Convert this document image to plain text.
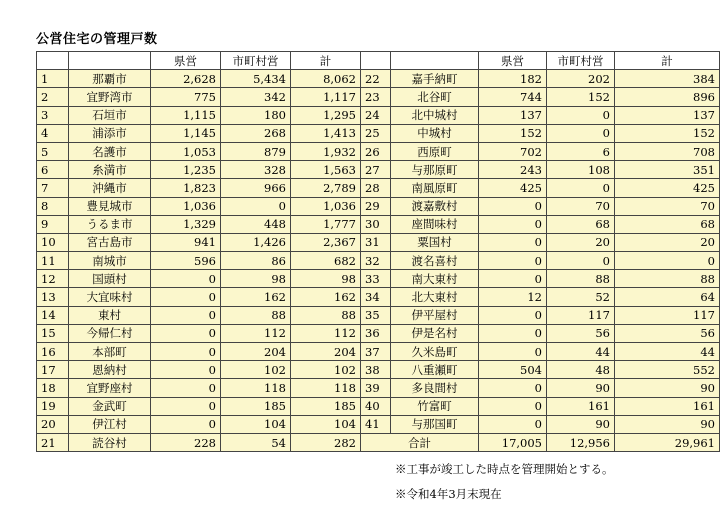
公営住宅の管理戸数
		県営	市町村営	計			県営	市町村営	計
1	那覇市	2,628	5,434	8,062	22	嘉手納町	182	202	384
2	宜野湾市	775	342	1,117	23	北谷町	744	152	896
3	石垣市	1,115	180	1,295	24	北中城村	137	0	137
4	浦添市	1,145	268	1,413	25	中城村	152	0	152
5	名護市	1,053	879	1,932	26	西原町	702	6	708
6	糸満市	1,235	328	1,563	27	与那原町	243	108	351
7	沖縄市	1,823	966	2,789	28	南風原町	425	0	425
8	豊見城市	1,036	0	1,036	29	渡嘉敷村	0	70	70
9	うるま市	1,329	448	1,777	30	座間味村	0	68	68
10	宮古島市	941	1,426	2,367	31	粟国村	0	20	20
11	南城市	596	86	682	32	渡名喜村	0	0	0
12	国頭村	0	98	98	33	南大東村	0	88	88
13	大宜味村	0	162	162	34	北大東村	12	52	64
14	東村	0	88	88	35	伊平屋村	0	117	117
15	今帰仁村	0	112	112	36	伊是名村	0	56	56
16	本部町	0	204	204	37	久米島町	0	44	44
17	恩納村	0	102	102	38	八重瀬町	504	48	552
18	宜野座村	0	118	118	39	多良間村	0	90	90
19	金武町	0	185	185	40	竹富町	0	161	161
20	伊江村	0	104	104	41	与那国町	0	90	90
21	読谷村	228	54	282	合計		17,005	12,956	29,961
※工事が竣工した時点を管理開始とする。
※令和4年3月末現在
